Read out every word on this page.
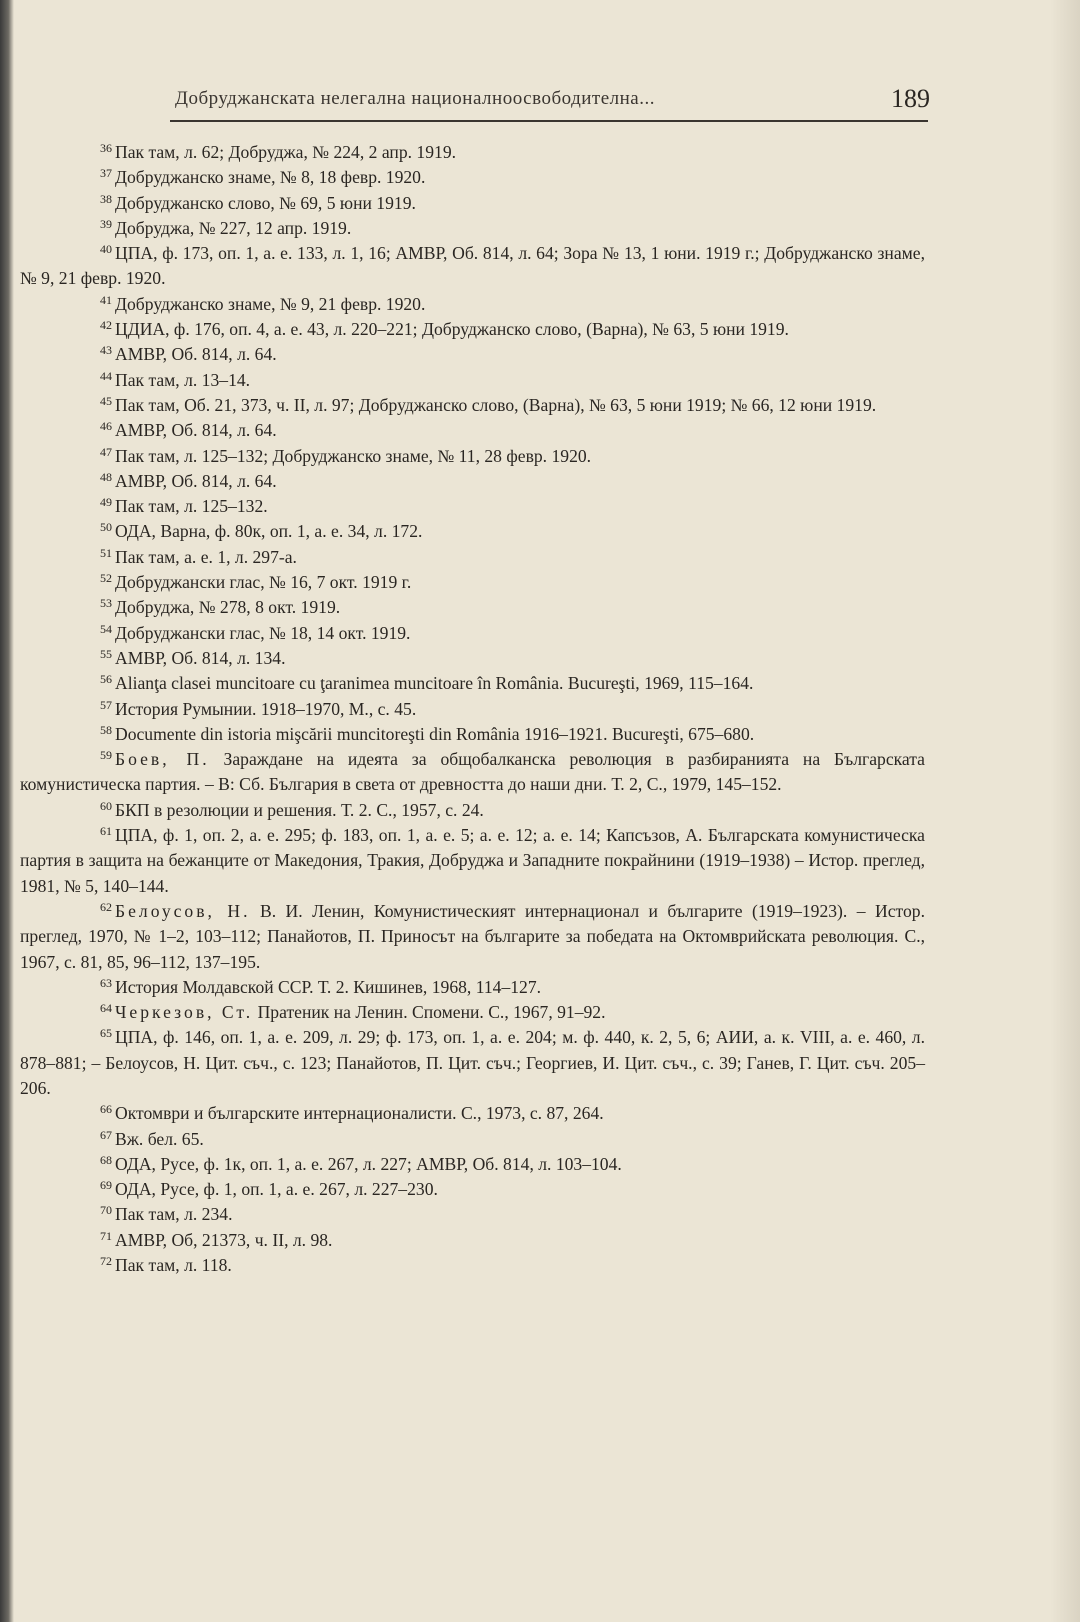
Добруджанската нелегална националноосвободителна...	189

$^{36}$ Пак там, л. 62; Добруджа, № 224, 2 апр. 1919.

$^{37}$ Добруджанско знаме, № 8, 18 февр. 1920.

$^{38}$ Добруджанско слово, № 69, 5 юни 1919.

$^{39}$ Добруджа, № 227, 12 апр. 1919.

$^{40}$ ЦПА, ф. 173, оп. 1, а. е. 133, л. 1, 16; АМВР, Об. 814, л. 64; Зора № 13, 1 юни. 1919 г.; Добруджанско знаме, № 9, 21 февр. 1920.

$^{41}$ Добруджанско знаме, № 9, 21 февр. 1920.

$^{42}$ ЦДИА, ф. 176, оп. 4, а. е. 43, л. 220–221; Добруджанско слово, (Варна), № 63, 5 юни 1919.

$^{43}$ АМВР, Об. 814, л. 64.

$^{44}$ Пак там, л. 13–14.

$^{45}$ Пак там, Об. 21, 373, ч. II, л. 97; Добруджанско слово, (Варна), № 63, 5 юни 1919; № 66, 12 юни 1919.

$^{46}$ АМВР, Об. 814, л. 64.

$^{47}$ Пак там, л. 125–132; Добруджанско знаме, № 11, 28 февр. 1920.

$^{48}$ АМВР, Об. 814, л. 64.

$^{49}$ Пак там, л. 125–132.

$^{50}$ ОДА, Варна, ф. 80к, оп. 1, а. е. 34, л. 172.

$^{51}$ Пак там, а. е. 1, л. 297-а.

$^{52}$ Добруджански глас, № 16, 7 окт. 1919 г.

$^{53}$ Добруджа, № 278, 8 окт. 1919.

$^{54}$ Добруджански глас, № 18, 14 окт. 1919.

$^{55}$ АМВР, Об. 814, л. 134.

$^{56}$ Alianţa clasei muncitoare cu ţaranimea muncitoare în România. Bucureşti, 1969, 115–164.

$^{57}$ История Румынии. 1918–1970, М., с. 45.

$^{58}$ Documente din istoria mişcării muncitoreşti din România 1916–1921. Bucureşti, 675–680.

$^{59}$ Боев, П. Зараждане на идеята за общобалканска революция в разбиранията на Българската комунистическа партия. – В: Сб. България в света от древността до наши дни. Т. 2, С., 1979, 145–152.

$^{60}$ БКП в резолюции и решения. Т. 2. С., 1957, с. 24.

$^{61}$ ЦПА, ф. 1, оп. 2, а. е. 295; ф. 183, оп. 1, а. е. 5; а. е. 12; а. е. 14; Капсъзов, А. Българската комунистическа партия в защита на бежанците от Македония, Тракия, Добруджа и Западните покрайнини (1919–1938) – Истор. преглед, 1981, № 5, 140–144.

$^{62}$ Белоусов, Н. В. И. Ленин, Комунистическият интернационал и българите (1919–1923). – Истор. преглед, 1970, № 1–2, 103–112; Панайотов, П. Приносът на българите за победата на Октомврийската революция. С., 1967, с. 81, 85, 96–112, 137–195.

$^{63}$ История Молдавской ССР. Т. 2. Кишинев, 1968, 114–127.

$^{64}$ Черкезов, Ст. Пратеник на Ленин. Спомени. С., 1967, 91–92.

$^{65}$ ЦПА, ф. 146, оп. 1, а. е. 209, л. 29; ф. 173, оп. 1, а. е. 204; м. ф. 440, к. 2, 5, 6; АИИ, а. к. VIII, а. е. 460, л. 878–881; – Белоусов, Н. Цит. съч., с. 123; Панайотов, П. Цит. съч.; Георгиев, И. Цит. съч., с. 39; Ганев, Г. Цит. съч. 205–206.

$^{66}$ Октомври и българските интернационалисти. С., 1973, с. 87, 264.

$^{67}$ Вж. бел. 65.

$^{68}$ ОДА, Русе, ф. 1к, оп. 1, а. е. 267, л. 227; АМВР, Об. 814, л. 103–104.

$^{69}$ ОДА, Русе, ф. 1, оп. 1, а. е. 267, л. 227–230.

$^{70}$ Пак там, л. 234.

$^{71}$ АМВР, Об, 21373, ч. II, л. 98.

$^{72}$ Пак там, л. 118.
